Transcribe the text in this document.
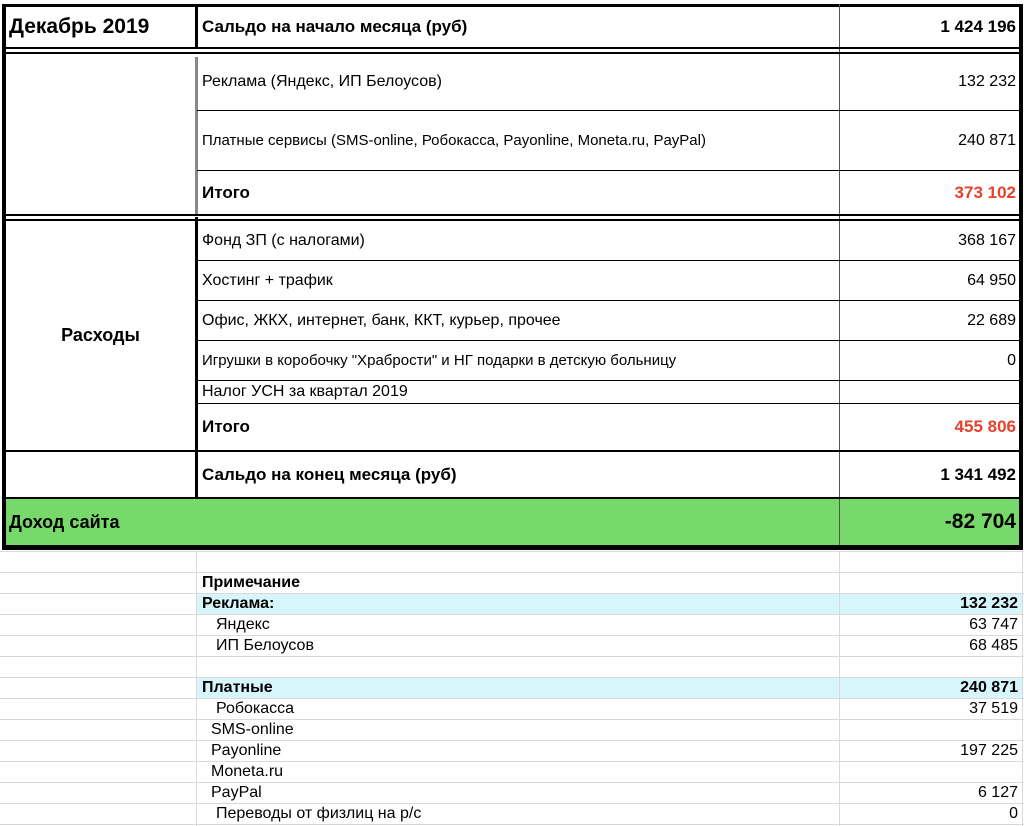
Декабрь 2019	Сальдо на начало месяца (руб)	1 424 196
Реклама (Яндекс, ИП Белоусов)	132 232
Платные сервисы (SMS-online, Робокасса, Payonline, Moneta.ru, PayPal)	240 871
Итого	373 102
Расходы
Фонд ЗП (с налогами)	368 167
Хостинг + трафик	64 950
Офис, ЖКХ, интернет, банк, ККТ, курьер, прочее	22 689
Игрушки в коробочку "Храбрости" и НГ подарки в детскую больницу	0
Налог УСН за квартал 2019
Итого	455 806
Сальдо на конец месяца (руб)	1 341 492
Доход сайта	-82 704
Примечание
Реклама:	132 232
Яндекс	63 747
ИП Белоусов	68 485
Платные	240 871
Робокасса	37 519
SMS-online
Payonline	197 225
Moneta.ru
PayPal	6 127
Переводы от физлиц на р/с	0
